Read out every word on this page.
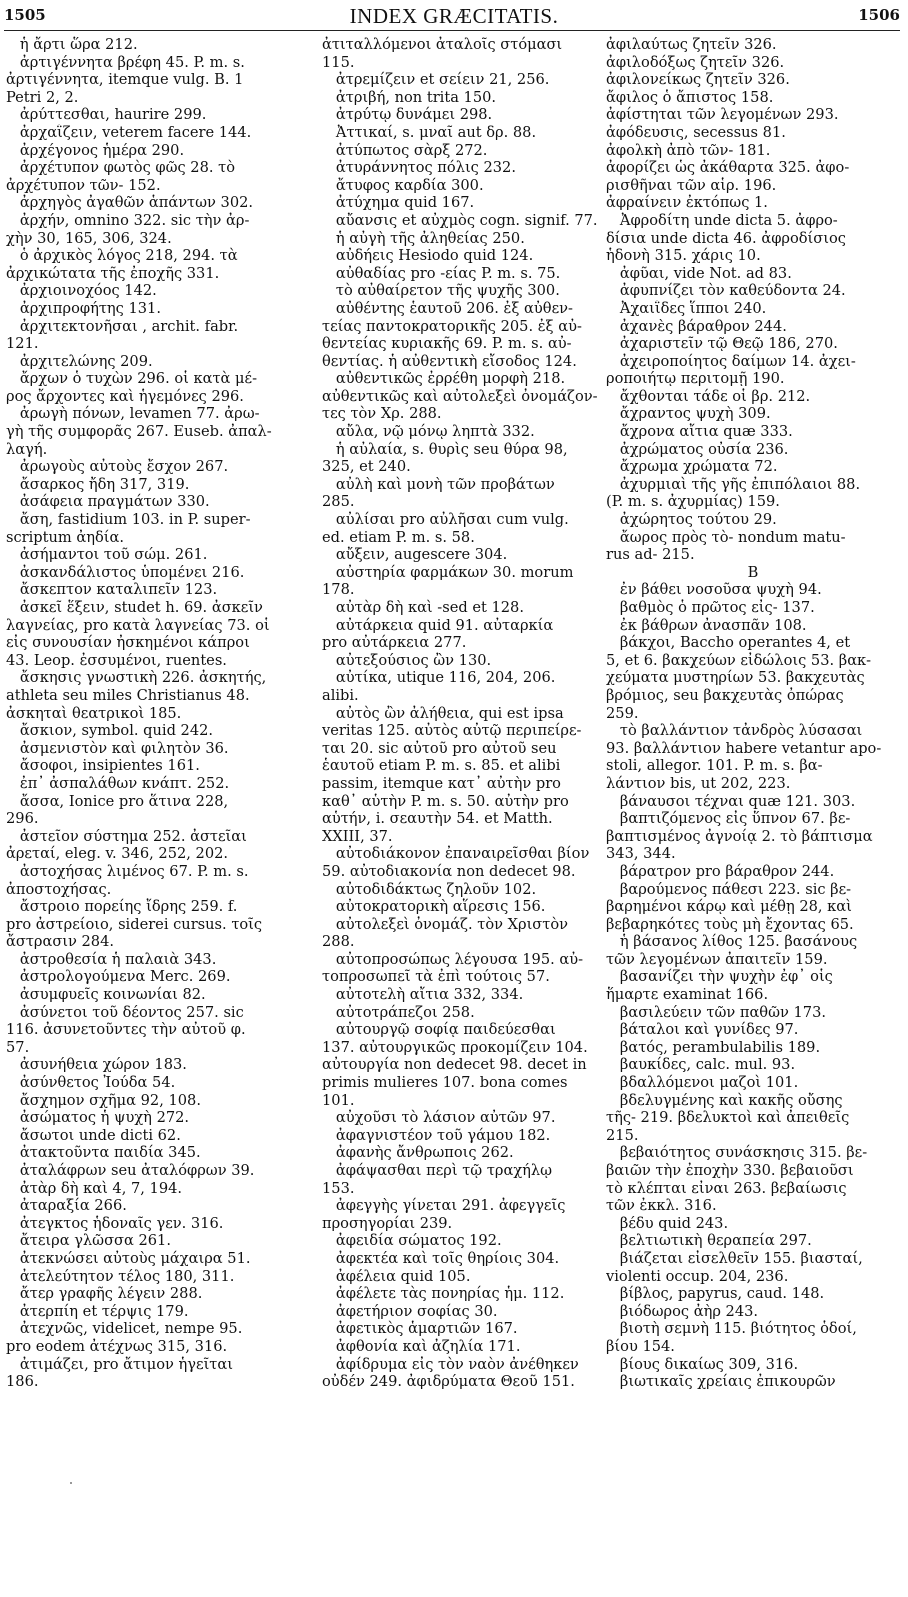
1505	INDEX GRÆCITATIS.	1506
ἡ ἄρτι ὥρα 212.
ἀρτιγέννητα βρέφη 45. P. m. s.
ἀρτιγέννητα, itemque vulg. B. 1
Petri 2, 2.
ἀρύττεσθαι, haurire 299.
ἀρχαΐζειν, veterem facere 144.
ἀρχέγονος ἡμέρα 290.
ἀρχέτυπον φωτὸς φῶς 28. τὸ
ἀρχέτυπον τῶν- 152.
ἀρχηγὸς ἀγαθῶν ἁπάντων 302.
ἀρχήν, omnino 322. sic τὴν ἀρ-
χὴν 30, 165, 306, 324.
ὁ ἀρχικὸς λόγος 218, 294. τὰ
ἀρχικώτατα τῆς ἐποχῆς 331.
ἀρχιοινοχόος 142.
ἀρχιπροφήτης 131.
ἀρχιτεκτονῆσαι , archit. fabr.
121.
ἀρχιτελώνης 209.
ἄρχων ὁ τυχὼν 296. οἱ κατὰ μέ-
ρος ἄρχοντες καὶ ἡγεμόνες 296.
ἀρωγὴ πόνων, levamen 77. ἀρω-
γὴ τῆς συμφορᾶς 267. Euseb. ἀπαλ-
λαγή.
ἀρωγοὺς αὐτοὺς ἔσχον 267.
ἄσαρκος ἤδη 317, 319.
ἀσάφεια πραγμάτων 330.
ἄση, fastidium 103. in P. super-
scriptum ἀηδία.
ἀσήμαντοι τοῦ σώμ. 261.
ἀσκανδάλιστος ὑπομένει 216.
ἄσκεπτον καταλιπεῖν 123.
ἀσκεῖ ἕξειν, studet h. 69. ἀσκεῖν
λαγνείας, pro κατὰ λαγνείας 73. οἱ
εἰς συνουσίαν ἠσκημένοι κάπροι
43. Leop. ἐσσυμένοι, ruentes.
ἄσκησις γνωστικὴ 226. ἀσκητής,
athleta seu miles Christianus 48.
ἀσκηταὶ θεατρικοὶ 185.
ἄσκιον, symbol. quid 242.
ἀσμενιστὸν καὶ φιλητὸν 36.
ἄσοφοι, insipientes 161.
ἐπ᾽ ἀσπαλάθων κνάπτ. 252.
ἄσσα, Ionice pro ἅτινα 228,
296.
ἀστεῖον σύστημα 252. ἀστεῖαι
ἀρεταί, eleg. v. 346, 252, 202.
ἀστοχήσας λιμένος 67. P. m. s.
ἀποστοχήσας.
ἄστροιο πορείης ἴδρης 259. f.
pro ἀστρείοιο, siderei cursus. τοῖς
ἄστρασιν 284.
ἀστροθεσία ἡ παλαιὰ 343.
ἀστρολογούμενα Merc. 269.
ἀσυμφυεῖς κοινωνίαι 82.
ἀσύνετοι τοῦ δέοντος 257. sic
116. ἀσυνετοῦντες τὴν αὐτοῦ φ.
57.
ἀσυνήθεια χώρον 183.
ἀσύνθετος Ἰούδα 54.
ἄσχημον σχῆμα 92, 108.
ἀσώματος ἡ ψυχὴ 272.
ἄσωτοι unde dicti 62.
ἀτακτοῦντα παιδία 345.
ἀταλάφρων seu ἀταλόφρων 39.
ἀτὰρ δὴ καὶ 4, 7, 194.
ἀταραξία 266.
ἀτεγκτος ἡδοναῖς γεν. 316.
ἄτειρα γλῶσσα 261.
ἀτεκνώσει αὐτοὺς μάχαιρα 51.
ἀτελεύτητον τέλος 180, 311.
ἄτερ γραφῆς λέγειν 288.
ἀτερπίη et τέρψις 179.
ἀτεχνῶς, videlicet, nempe 95.
pro eodem ἀτέχνως 315, 316.
ἀτιμάζει, pro ἄτιμον ἡγεῖται
186.
ἀτιταλλόμενοι ἀταλοῖς στόμασι
115.
ἀτρεμίζειν et σείειν 21, 256.
ἀτριβή, non trita 150.
ἀτρύτῳ δυνάμει 298.
Ἀττικαί, s. μναῖ aut δρ. 88.
ἀτύπωτος σὰρξ 272.
ἀτυράννητος πόλις 232.
ἄτυφος καρδία 300.
ἀτύχημα quid 167.
αὔανσις et αὐχμὸς cogn. signif. 77.
ἡ αὐγὴ τῆς ἀληθείας 250.
αὐδήεις Hesiodo quid 124.
αὐθαδίας pro -είας P. m. s. 75.
τὸ αὐθαίρετον τῆς ψυχῆς 300.
αὐθέντης ἑαυτοῦ 206. ἐξ αὐθεν-
τείας παντοκρατορικῆς 205. ἐξ αὐ-
θεντείας κυριακῆς 69. P. m. s. αὐ-
θεντίας. ἡ αὐθεντικὴ εἴσοδος 124.
αὐθεντικῶς ἐρρέθη μορφὴ 218.
αὐθεντικῶς καὶ αὐτολεξεὶ ὀνομάζον-
τες τὸν Χρ. 288.
αὔλα, νῷ μόνῳ ληπτὰ 332.
ἡ αὐλαία, s. θυρὶς seu θύρα 98,
325, et 240.
αὐλὴ καὶ μονὴ τῶν προβάτων
285.
αὐλίσαι pro αὐλῆσαι cum vulg.
ed. etiam P. m. s. 58.
αὔξειν, augescere 304.
αὐστηρία φαρμάκων 30. morum
178.
αὐτὰρ δὴ καὶ -sed et 128.
αὐτάρκεια quid 91. αὐταρκία
pro αὐτάρκεια 277.
αὐτεξούσιος ὢν 130.
αὐτίκα, utique 116, 204, 206.
alibi.
αὐτὸς ὢν ἀλήθεια, qui est ipsa
veritas 125. αὐτὸς αὐτῷ περιπείρε-
ται 20. sic αὐτοῦ pro αὐτοῦ seu
ἑαυτοῦ etiam P. m. s. 85. et alibi
passim, itemque κατ᾽ αὐτὴν pro
καθ᾽ αὑτὴν P. m. s. 50. αὐτὴν pro
αὑτήν, i. σεαυτὴν 54. et Matth.
XXIII, 37.
αὐτοδιάκονον ἐπαναιρεῖσθαι βίον
59. αὐτοδιακονία non dedecet 98.
αὐτοδιδάκτως ζηλοῦν 102.
αὐτοκρατορικὴ αἵρεσις 156.
αὐτολεξεὶ ὀνομάζ. τὸν Χριστὸν
288.
αὐτοπροσώπως λέγουσα 195. αὐ-
τοπροσωπεῖ τὰ ἐπὶ τούτοις 57.
αὐτοτελὴ αἴτια 332, 334.
αὐτοτράπεζοι 258.
αὐτουργῷ σοφίᾳ παιδεύεσθαι
137. αὐτουργικῶς προκομίζειν 104.
αὐτουργία non dedecet 98. decet in
primis mulieres 107. bona comes
101.
αὐχοῦσι τὸ λάσιον αὐτῶν 97.
ἀφαγνιστέον τοῦ γάμου 182.
ἀφανὴς ἄνθρωποις 262.
ἀφάψασθαι περὶ τῷ τραχήλῳ
153.
ἀφεγγὴς γίνεται 291. ἀφεγγεῖς
προσηγορίαι 239.
ἀφειδία σώματος 192.
ἀφεκτέα καὶ τοῖς θηρίοις 304.
ἀφέλεια quid 105.
ἀφέλετε τὰς πονηρίας ἡμ. 112.
ἀφετήριον σοφίας 30.
ἀφετικὸς ἁμαρτιῶν 167.
ἀφθονία καὶ ἀζηλία 171.
ἀφίδρυμα εἰς τὸν ναὸν ἀνέθηκεν
οὐδέν 249. ἀφιδρύματα Θεοῦ 151.
ἀφιλαύτως ζητεῖν 326.
ἀφιλοδόξως ζητεῖν 326.
ἀφιλονείκως ζητεῖν 326.
ἄφιλος ὁ ἄπιστος 158.
ἀφίστηται τῶν λεγομένων 293.
ἀφόδευσις, secessus 81.
ἀφολκὴ ἀπὸ τῶν- 181.
ἀφορίζει ὡς ἀκάθαρτα 325. ἀφο-
ρισθῆναι τῶν αἱρ. 196.
ἀφραίνειν ἐκτόπως 1.
Ἀφροδίτη unde dicta 5. ἀφρο-
δίσια unde dicta 46. ἀφροδίσιος
ἡδονὴ 315. χάρις 10.
ἀφῦαι, vide Not. ad 83.
ἀφυπνίζει τὸν καθεύδοντα 24.
Ἀχαιΐδες ἵπποι 240.
ἀχανὲς βάραθρον 244.
ἀχαριστεῖν τῷ Θεῷ 186, 270.
ἀχειροποίητος δαίμων 14. ἀχει-
ροποιήτῳ περιτομῇ 190.
ἄχθονται τάδε οἱ βρ. 212.
ἄχραντος ψυχὴ 309.
ἄχρονα αἴτια quæ 333.
ἀχρώματος οὐσία 236.
ἄχρωμα χρώματα 72.
ἀχυρμιαὶ τῆς γῆς ἐπιπόλαιοι 88.
(P. m. s. ἀχυρμίας) 159.
ἀχώρητος τούτου 29.
ἄωρος πρὸς τὸ- nondum matu-
rus ad- 215.
B
ἐν βάθει νοσοῦσα ψυχὴ 94.
βαθμὸς ὁ πρῶτος εἰς- 137.
ἐκ βάθρων ἀνασπᾶν 108.
βάκχοι, Baccho operantes 4, et
5, et 6. βακχεύων εἰδώλοις 53. βακ-
χεύματα μυστηρίων 53. βακχευτὰς
βρόμιος, seu βακχευτὰς ὀπώρας
259.
τὸ βαλλάντιον τἀνδρὸς λύσασαι
93. βαλλάντιον habere vetantur apo-
stoli, allegor. 101. P. m. s. βα-
λάντιον bis, ut 202, 223.
βάναυσοι τέχναι quæ 121. 303.
βαπτιζόμενος εἰς ὕπνον 67. βε-
βαπτισμένος ἀγνοίᾳ 2. τὸ βάπτισμα
343, 344.
βάρατρον pro βάραθρον 244.
βαρούμενος πάθεσι 223. sic βε-
βαρημένοι κάρῳ καὶ μέθῃ 28, καὶ
βεβαρηκότες τοὺς μὴ ἔχοντας 65.
ἡ βάσανος λίθος 125. βασάνους
τῶν λεγομένων ἀπαιτεῖν 159.
βασανίζει τὴν ψυχὴν ἐφ᾽ οἷς
ἥμαρτε examinat 166.
βασιλεύειν τῶν παθῶν 173.
βάταλοι καὶ γυνίδες 97.
βατός, perambulabilis 189.
βαυκίδες, calc. mul. 93.
βδαλλόμενοι μαζοὶ 101.
βδελυγμένης καὶ κακῆς οὔσης
τῆς- 219. βδελυκτοὶ καὶ ἀπειθεῖς
215.
βεβαιότητος συνάσκησις 315. βε-
βαιῶν τὴν ἐποχὴν 330. βεβαιοῦσι
τὸ κλέπται εἶναι 263. βεβαίωσις
τῶν ἐκκλ. 316.
βέδυ quid 243.
βελτιωτικὴ θεραπεία 297.
βιάζεται εἰσελθεῖν 155. βιασταί,
violenti occup. 204, 236.
βίβλος, papyrus, caud. 148.
βιόδωρος ἀὴρ 243.
βιοτὴ σεμνὴ 115. βιότητος ὁδοί,
βίου 154.
βίους δικαίως 309, 316.
βιωτικαῖς χρείαις ἐπικουρῶν
